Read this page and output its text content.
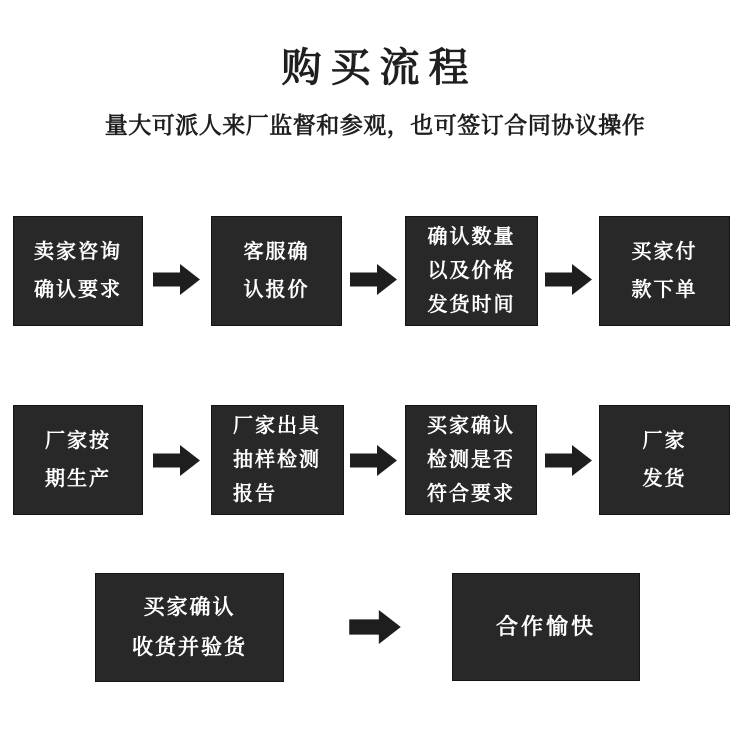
购买流程
量大可派人来厂监督和参观，也可签订合同协议操作
卖家咨询
确认要求
客服确
认报价
确认数量
以及价格
发货时间
买家付
款下单
厂家按
期生产
厂家出具
抽样检测
报告
买家确认
检测是否
符合要求
厂家
发货
买家确认
收货并验货
合作愉快
